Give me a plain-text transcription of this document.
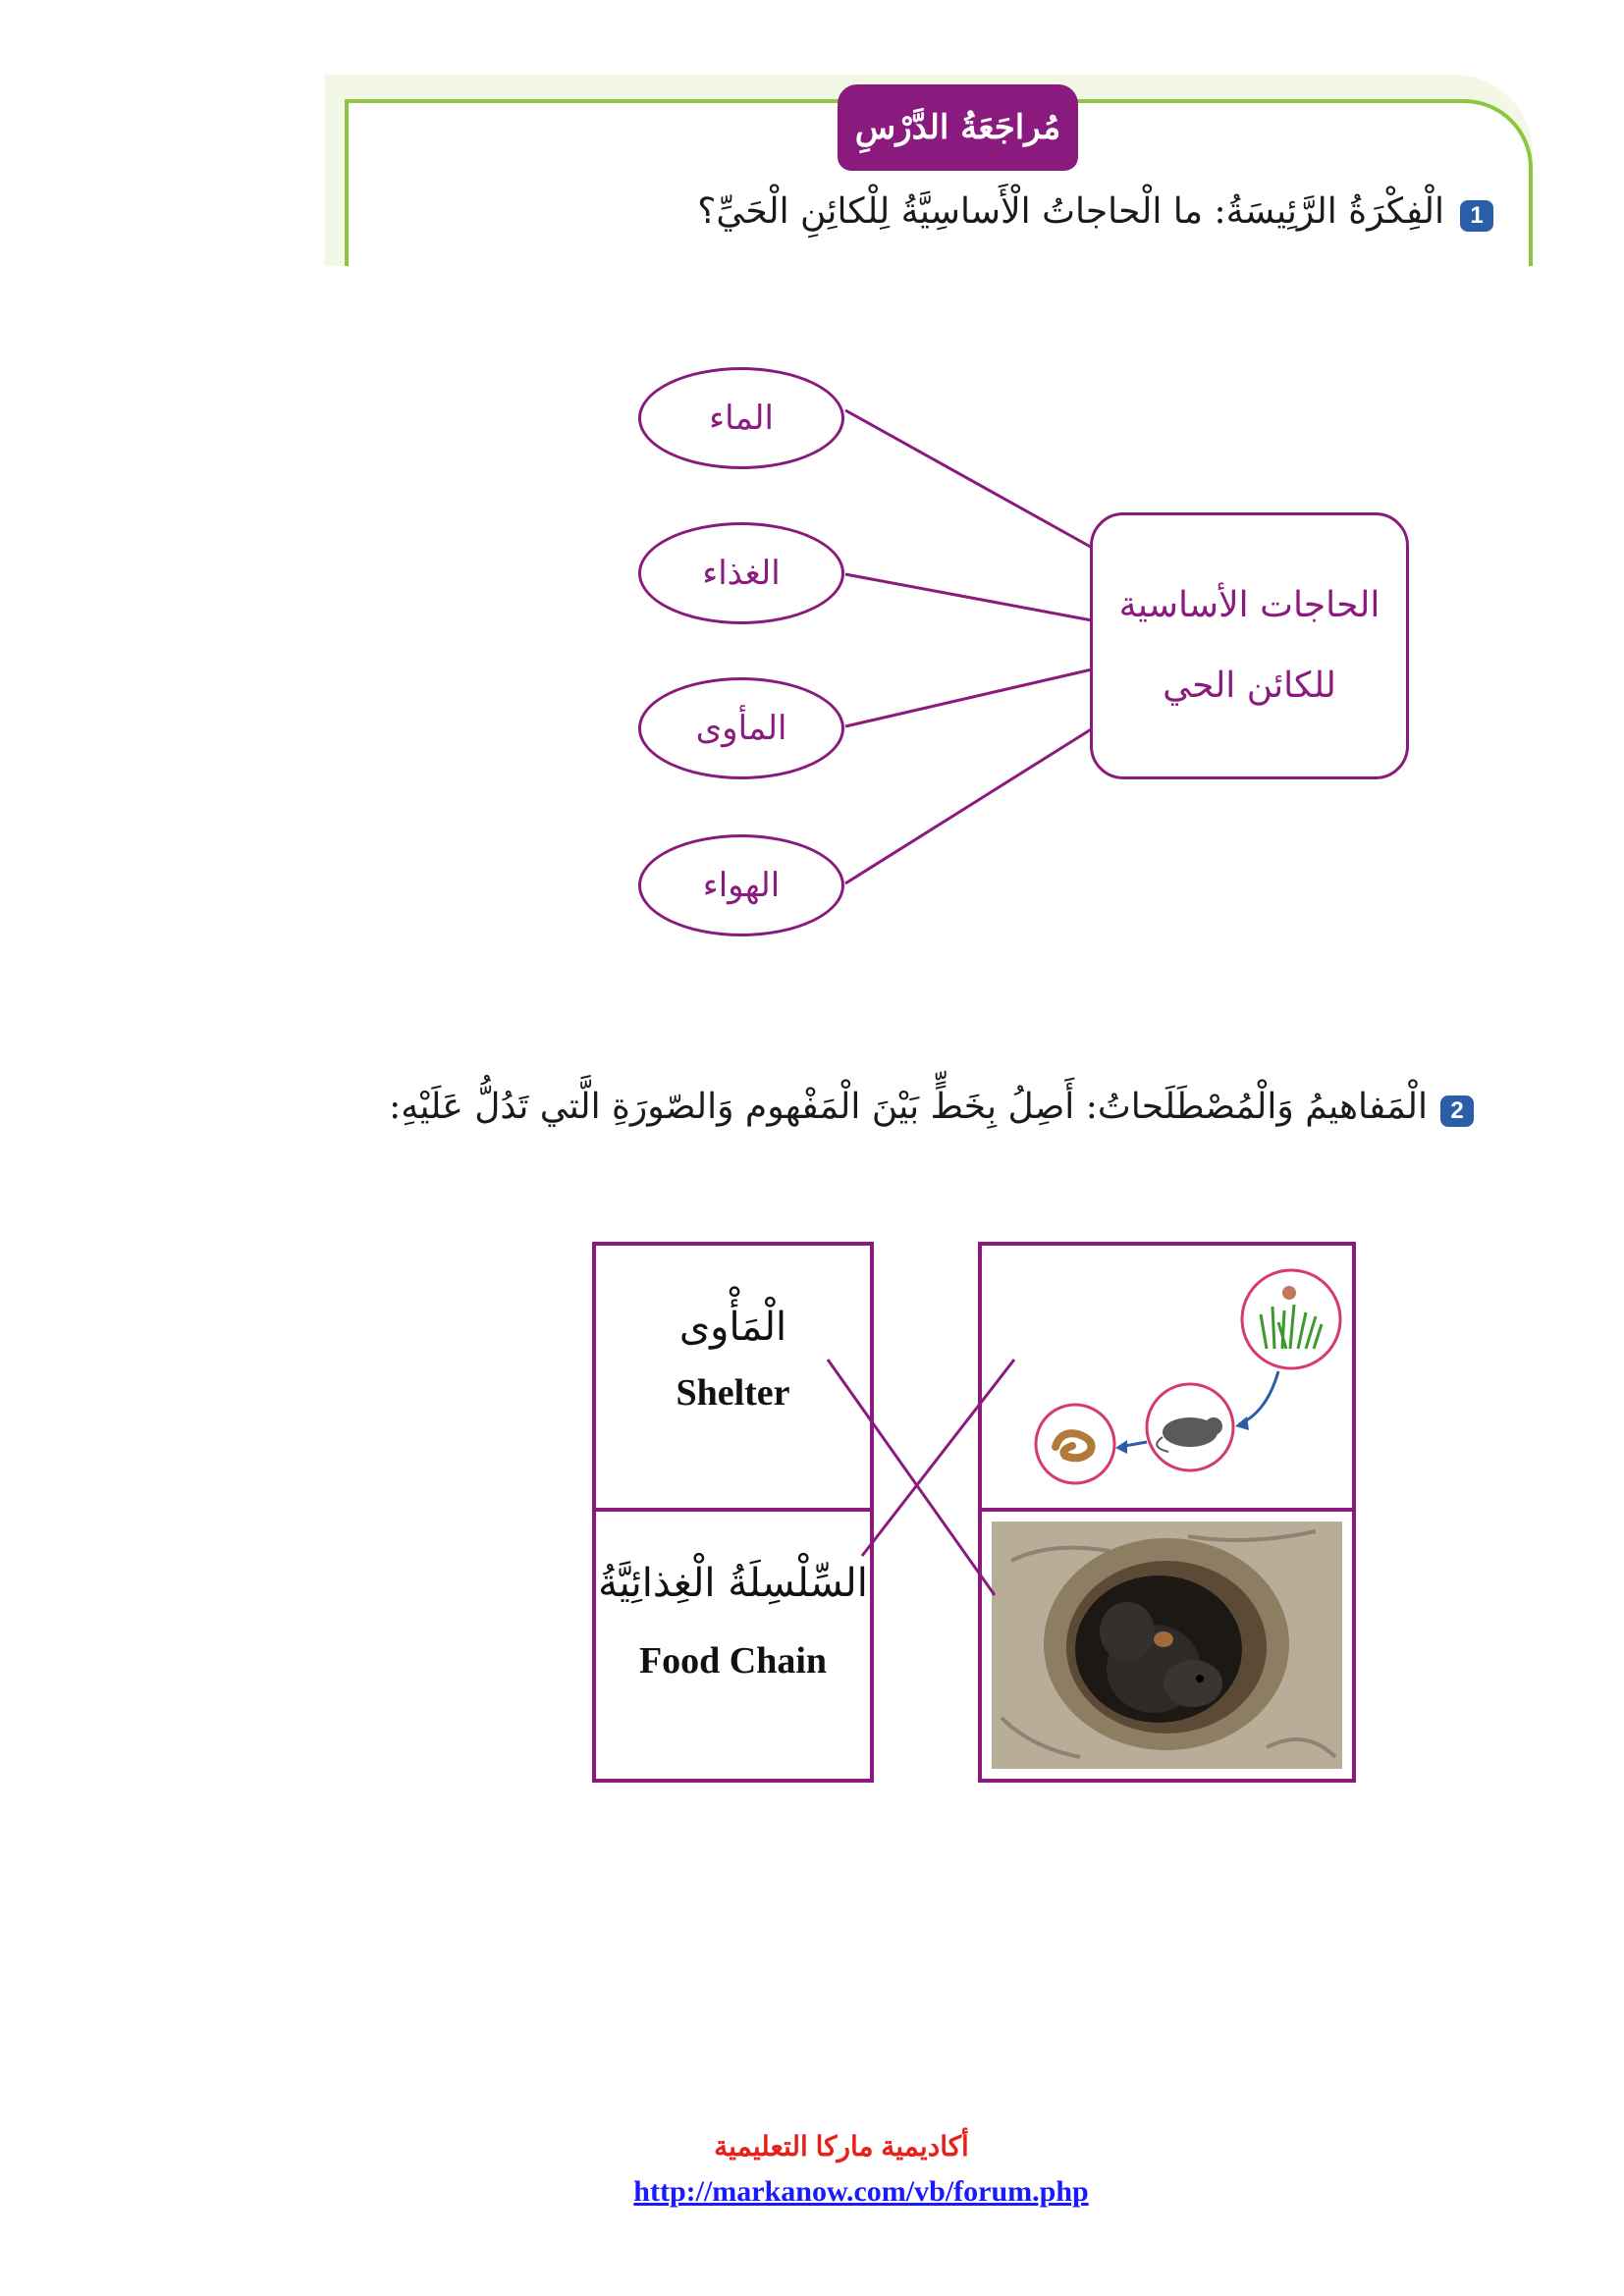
مُراجَعَةُ الدَّرْسِ
1
الْفِكْرَةُ الرَّئِيسَةُ: ما الْحاجاتُ الْأَساسِيَّةُ لِلْكائِنِ الْحَيِّ؟
الماء
الغذاء
المأوى
الهواء
الحاجات الأساسية
للكائن الحي
2
الْمَفاهيمُ وَالْمُصْطَلَحاتُ: أَصِلُ بِخَطٍّ بَيْنَ الْمَفْهوم وَالصّورَةِ الَّتي تَدُلُّ عَلَيْهِ:
الْمَأْوى
Shelter
السِّلْسِلَةُ الْغِذائِيَّةُ
Food Chain
أكاديمية ماركا التعليمية
http://markanow.com/vb/forum.php
